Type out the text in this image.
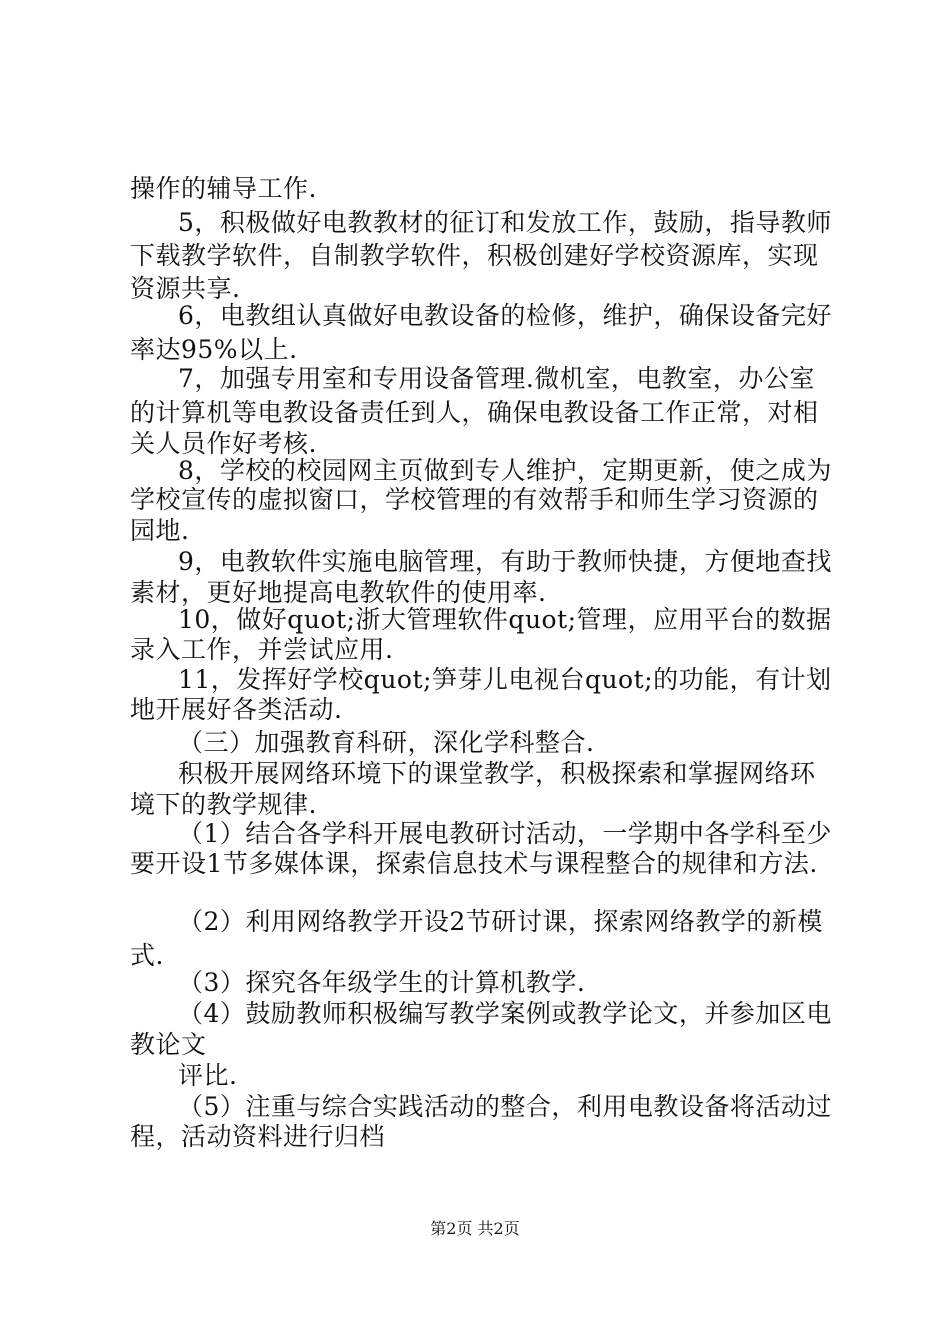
操作的辅导工作.
5，积极做好电教教材的征订和发放工作，鼓励，指导教师
下载教学软件，自制教学软件，积极创建好学校资源库，实现
资源共享.
6，电教组认真做好电教设备的检修，维护，确保设备完好
率达95%以上.
7，加强专用室和专用设备管理.微机室，电教室，办公室
的计算机等电教设备责任到人，确保电教设备工作正常，对相
关人员作好考核.
8，学校的校园网主页做到专人维护，定期更新，使之成为
学校宣传的虚拟窗口，学校管理的有效帮手和师生学习资源的
园地.
9，电教软件实施电脑管理，有助于教师快捷，方便地查找
素材，更好地提高电教软件的使用率.
10，做好quot;浙大管理软件quot;管理，应用平台的数据
录入工作，并尝试应用.
11，发挥好学校quot;笋芽儿电视台quot;的功能，有计划
地开展好各类活动.
（三）加强教育科研，深化学科整合.
积极开展网络环境下的课堂教学，积极探索和掌握网络环
境下的教学规律.
（1）结合各学科开展电教研讨活动，一学期中各学科至少
要开设1节多媒体课，探索信息技术与课程整合的规律和方法.
（2）利用网络教学开设2节研讨课，探索网络教学的新模
式.
（3）探究各年级学生的计算机教学.
（4）鼓励教师积极编写教学案例或教学论文，并参加区电
教论文
评比.
（5）注重与综合实践活动的整合，利用电教设备将活动过
程，活动资料进行归档
第2页 共2页
